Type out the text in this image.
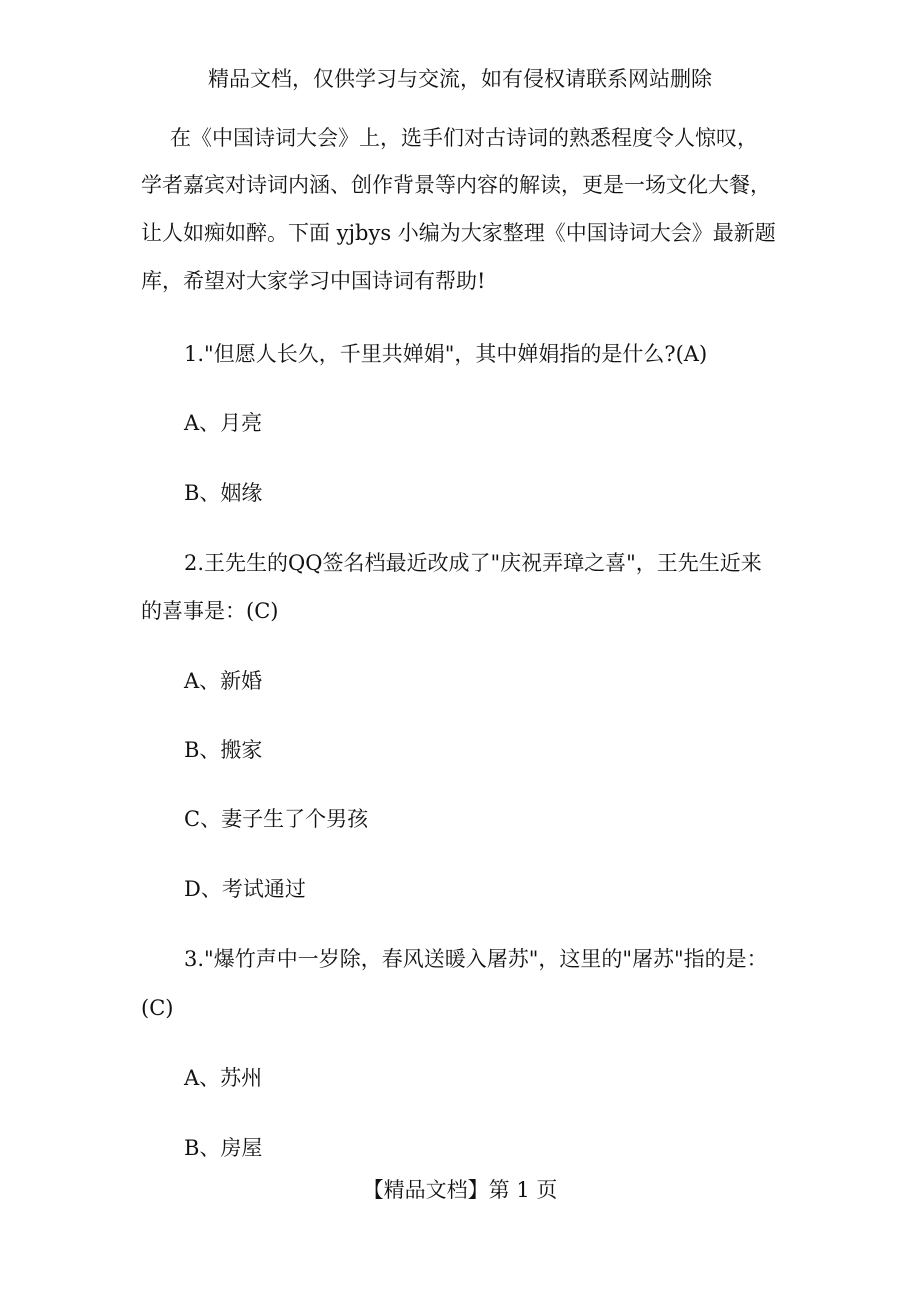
精品文档，仅供学习与交流，如有侵权请联系网站删除
在《中国诗词大会》上，选手们对古诗词的熟悉程度令人惊叹，
学者嘉宾对诗词内涵、创作背景等内容的解读，更是一场文化大餐，
让人如痴如醉。下面 yjbys 小编为大家整理《中国诗词大会》最新题
库，希望对大家学习中国诗词有帮助!
1."但愿人长久，千里共婵娟"，其中婵娟指的是什么?(A)
A、月亮
B、姻缘
2.王先生的QQ签名档最近改成了"庆祝弄璋之喜"，王先生近来
的喜事是：(C)
A、新婚
B、搬家
C、妻子生了个男孩
D、考试通过
3."爆竹声中一岁除，春风送暖入屠苏"，这里的"屠苏"指的是：
(C)
A、苏州
B、房屋
【精品文档】第 1 页
